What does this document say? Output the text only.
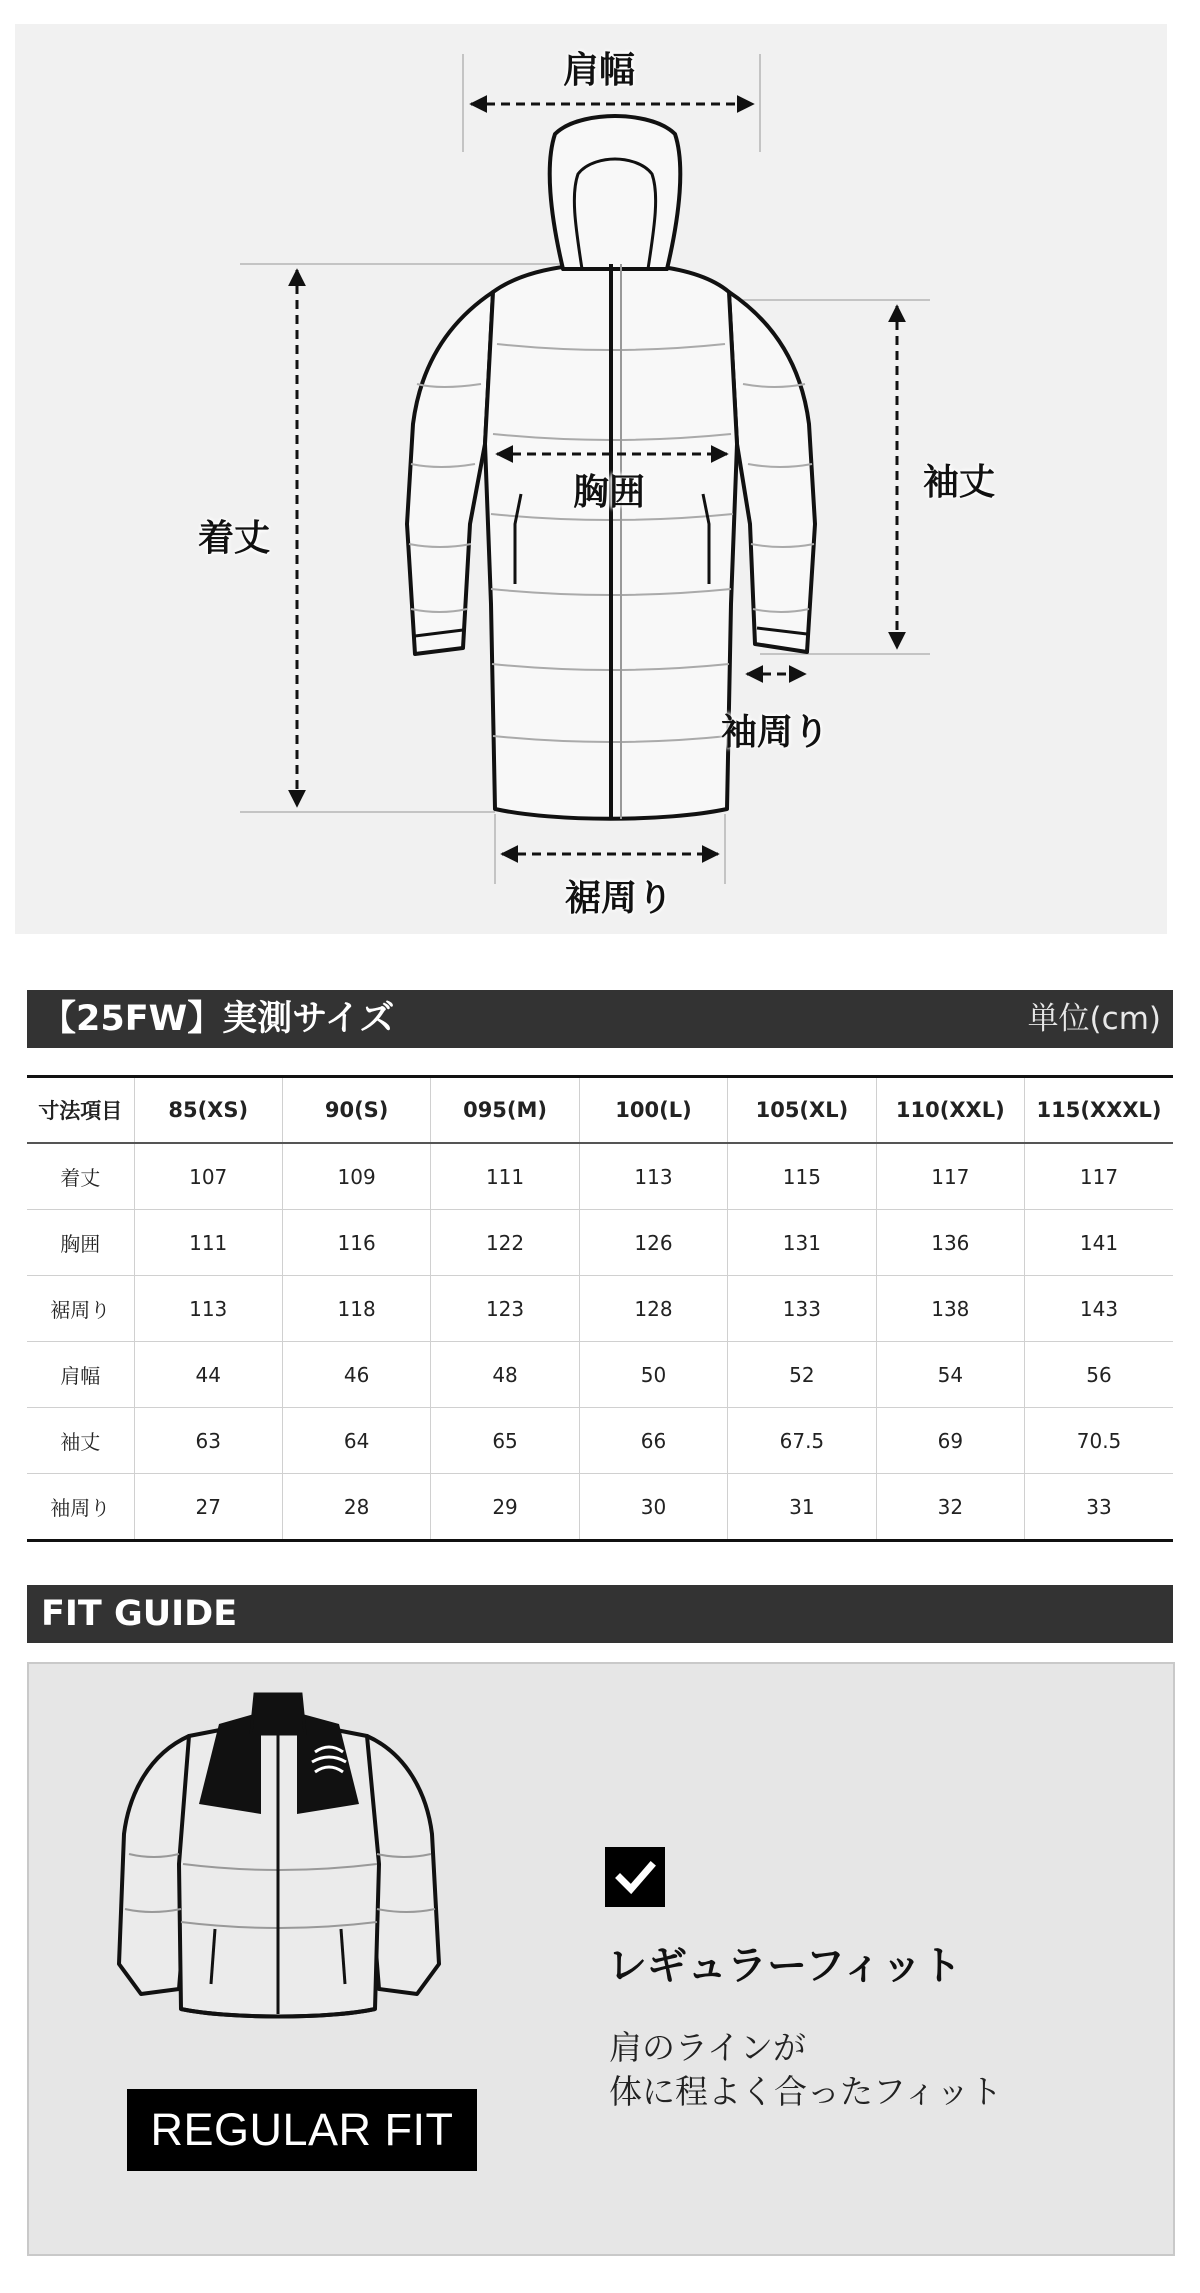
肩幅
着丈
胸囲	袖丈
袖周り
裾周り
【25FW】実測サイズ	単位(cm)
寸法項目	85(XS)	90(S)	095(M)	100(L)	105(XL)	110(XXL)	115(XXXL)
着丈	107	109	111	113	115	117	117
胸囲	111	116	122	126	131	136	141
裾周り	113	118	123	128	133	138	143
肩幅	44	46	48	50	52	54	56
袖丈	63	64	65	66	67.5	69	70.5
袖周り	27	28	29	30	31	32	33
FIT GUIDE
REGULAR FIT
レギュラーフィット
肩のラインが
体に程よく合ったフィット
